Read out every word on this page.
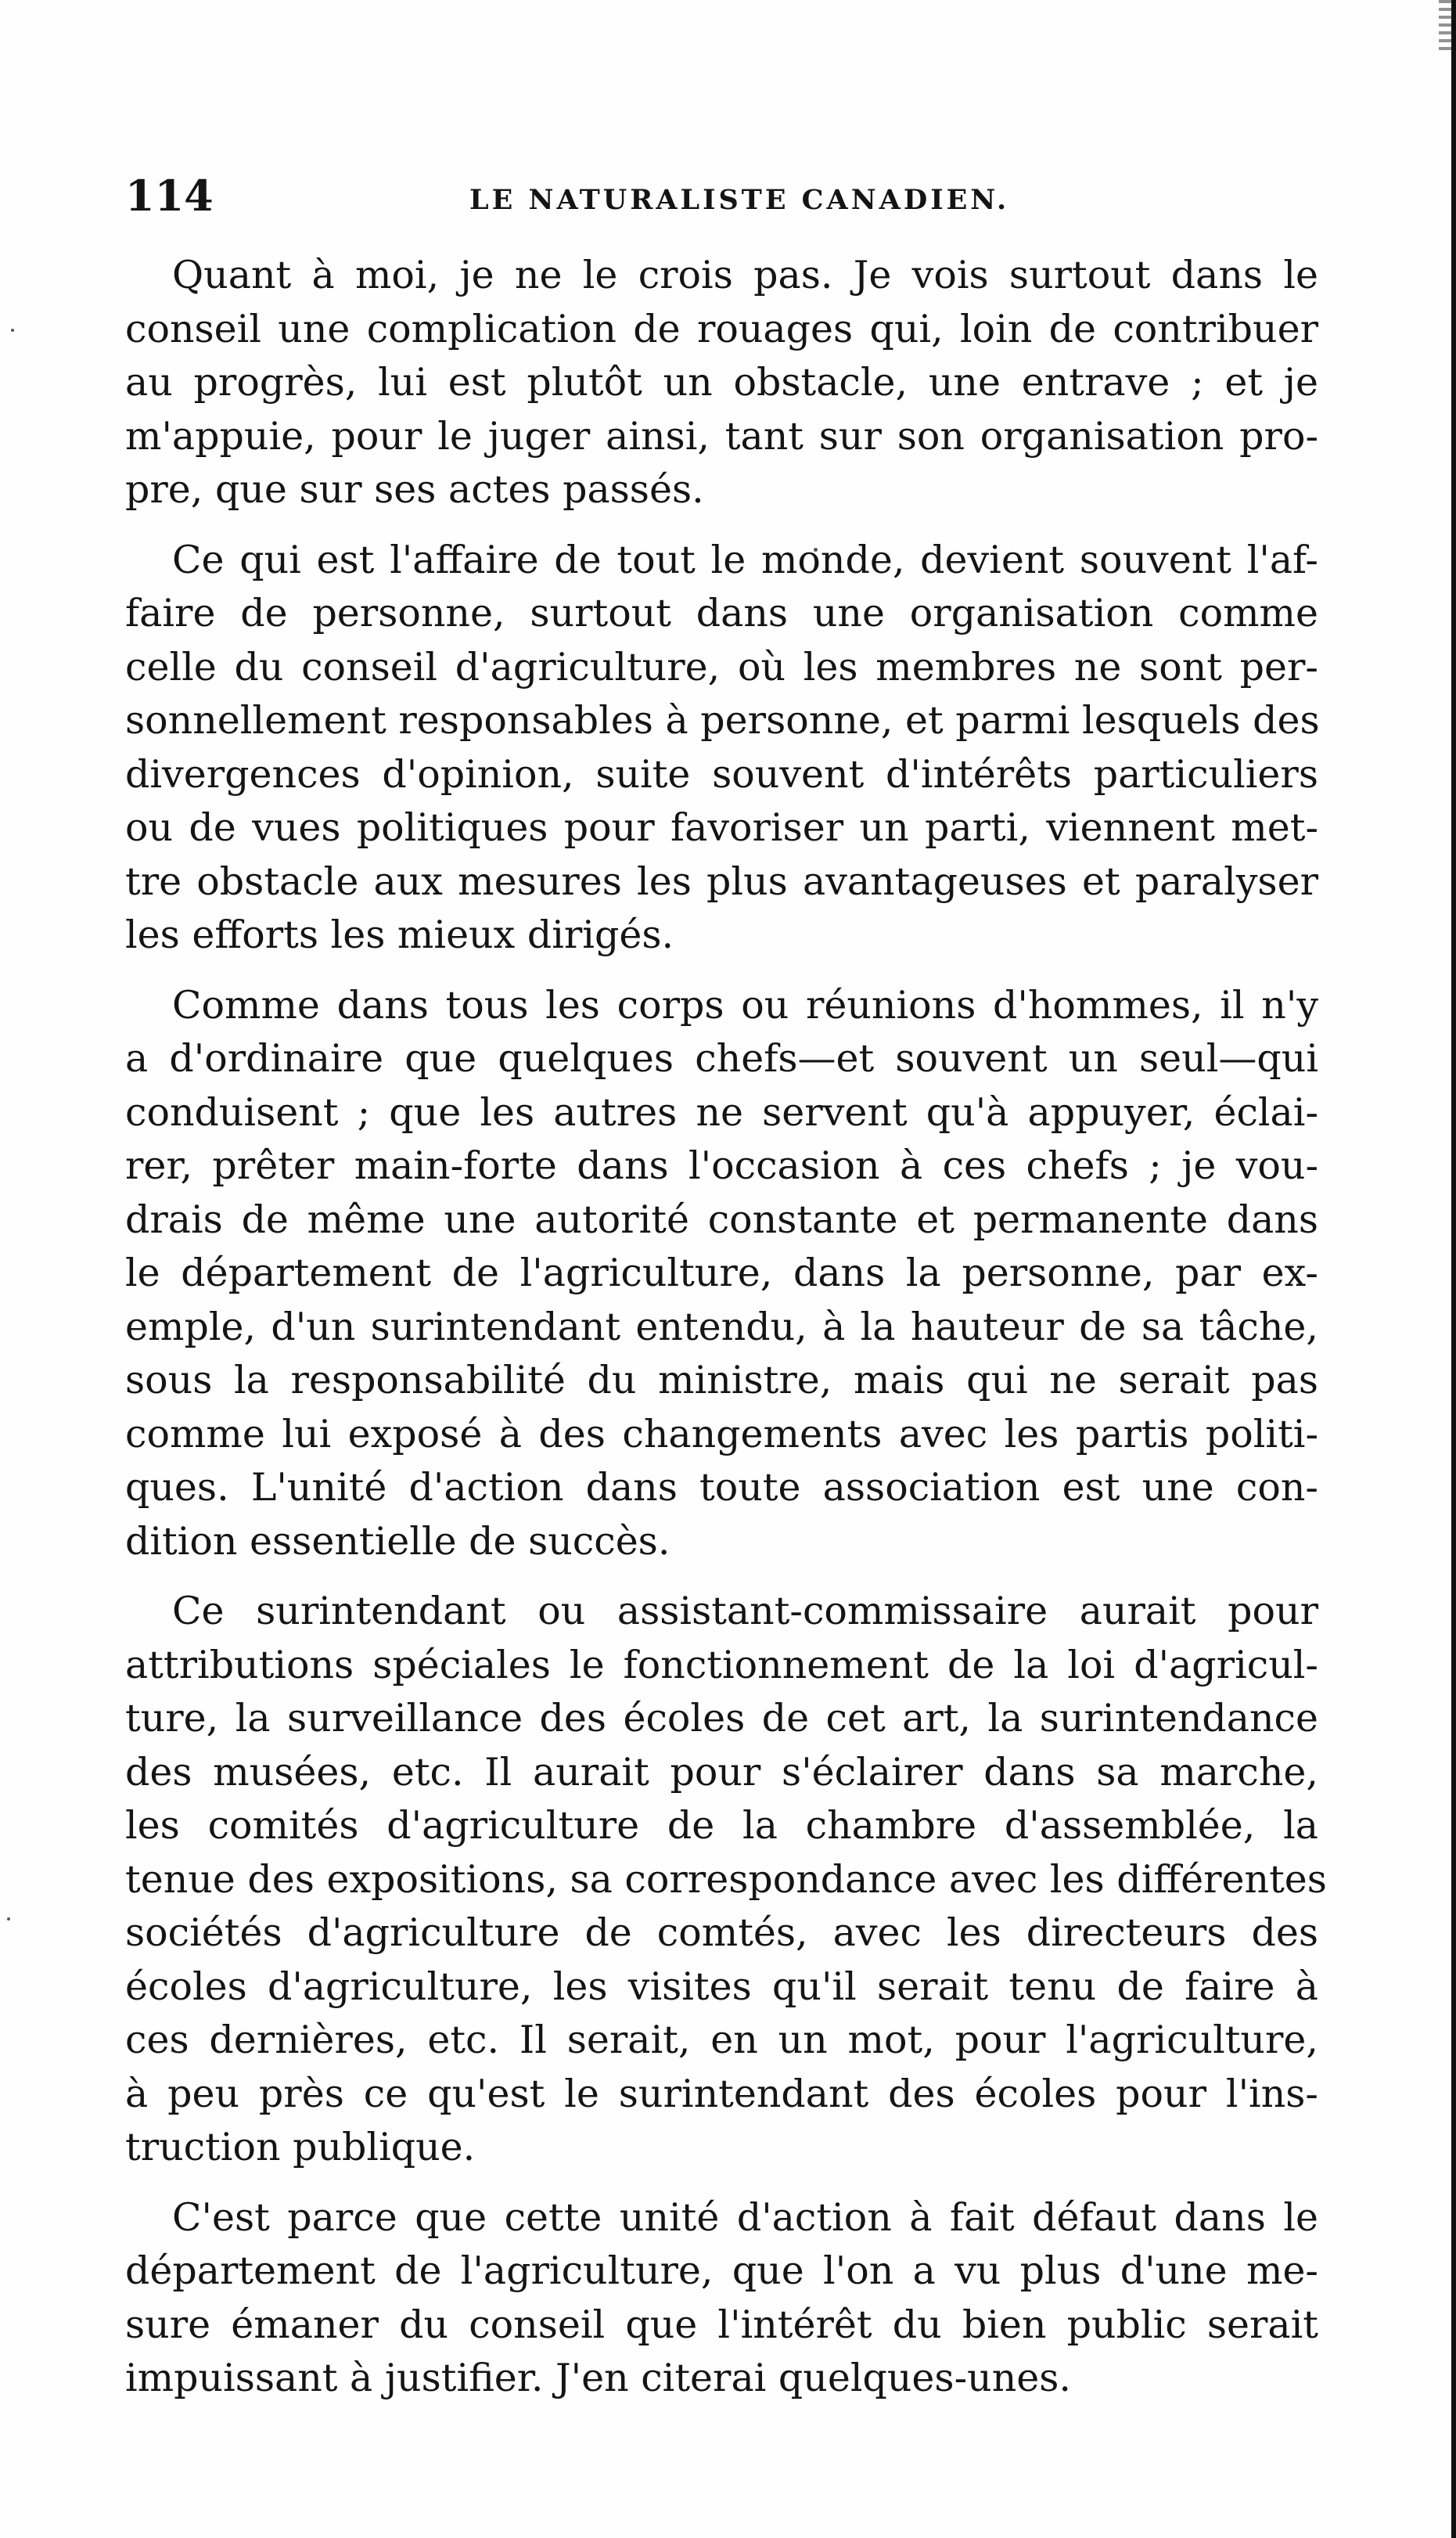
114	LE NATURALISTE CANADIEN.
Quant à moi, je ne le crois pas. Je vois surtout dans le
conseil une complication de rouages qui, loin de contribuer
au progrès, lui est plutôt un obstacle, une entrave ; et je
m'appuie, pour le juger ainsi, tant sur son organisation pro-
pre, que sur ses actes passés.
Ce qui est l'affaire de tout le monde, devient souvent l'af-
faire de personne, surtout dans une organisation comme
celle du conseil d'agriculture, où les membres ne sont per-
sonnellement responsables à personne, et parmi lesquels des
divergences d'opinion, suite souvent d'intérêts particuliers
ou de vues politiques pour favoriser un parti, viennent met-
tre obstacle aux mesures les plus avantageuses et paralyser
les efforts les mieux dirigés.
Comme dans tous les corps ou réunions d'hommes, il n'y
a d'ordinaire que quelques chefs—et souvent un seul—qui
conduisent ; que les autres ne servent qu'à appuyer, éclai-
rer, prêter main-forte dans l'occasion à ces chefs ; je vou-
drais de même une autorité constante et permanente dans
le département de l'agriculture, dans la personne, par ex-
emple, d'un surintendant entendu, à la hauteur de sa tâche,
sous la responsabilité du ministre, mais qui ne serait pas
comme lui exposé à des changements avec les partis politi-
ques. L'unité d'action dans toute association est une con-
dition essentielle de succès.
Ce surintendant ou assistant-commissaire aurait pour
attributions spéciales le fonctionnement de la loi d'agricul-
ture, la surveillance des écoles de cet art, la surintendance
des musées, etc. Il aurait pour s'éclairer dans sa marche,
les comités d'agriculture de la chambre d'assemblée, la
tenue des expositions, sa correspondance avec les différentes
sociétés d'agriculture de comtés, avec les directeurs des
écoles d'agriculture, les visites qu'il serait tenu de faire à
ces dernières, etc. Il serait, en un mot, pour l'agriculture,
à peu près ce qu'est le surintendant des écoles pour l'ins-
truction publique.
C'est parce que cette unité d'action à fait défaut dans le
département de l'agriculture, que l'on a vu plus d'une me-
sure émaner du conseil que l'intérêt du bien public serait
impuissant à justifier. J'en citerai quelques-unes.
